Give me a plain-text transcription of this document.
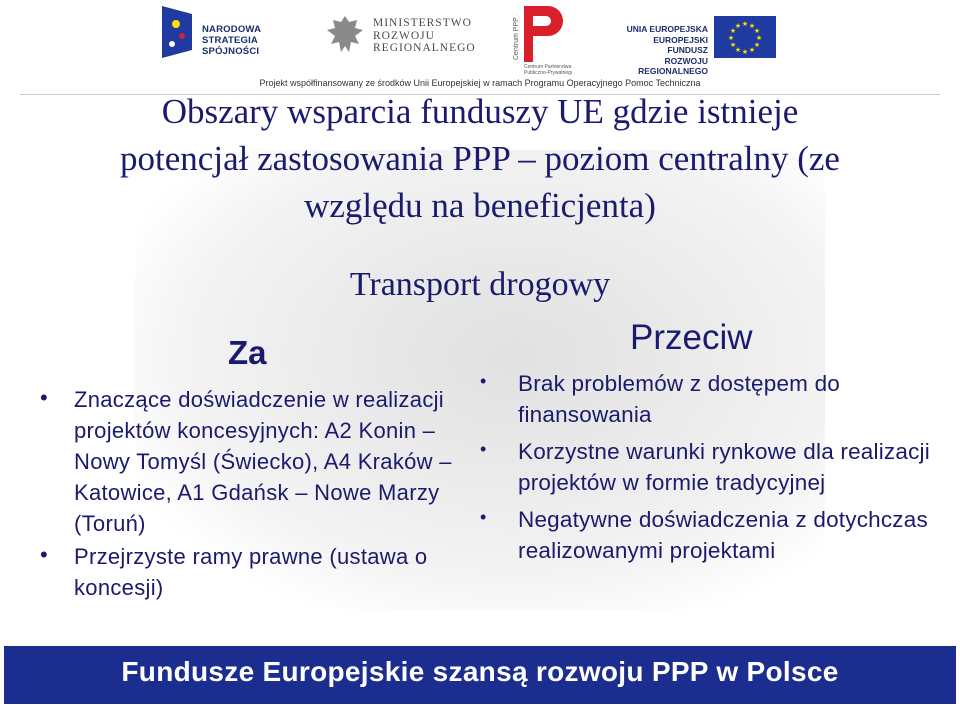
NARODOWA
STRATEGIA SPÓJNOŚCI
MINISTERSTWO
ROZWOJU
REGIONALNEGO	Centrum PPP
Centrum Partnerstwa
Publiczno-Prywatnego
UNIA EUROPEJSKA
EUROPEJSKI FUNDUSZ
ROZWOJU REGIONALNEGO
★ ★
★
★
★
★
★
★
★
★
★
★
Projekt współfinansowany ze środków Unii Europejskiej w ramach Programu Operacyjnego Pomoc Techniczna
Obszary wsparcia funduszy UE gdzie istnieje
potencjał zastosowania PPP – poziom centralny (ze
względu na beneficjenta)
Transport drogowy
Za
• Znaczące doświadczenie w realizacji projektów koncesyjnych: A2 Konin – Nowy Tomyśl (Świecko), A4 Kraków – Katowice, A1 Gdańsk – Nowe Marzy (Toruń)
• Przejrzyste ramy prawne (ustawa o koncesji)
Przeciw
• Brak problemów z dostępem do finansowania
• Korzystne warunki rynkowe dla realizacji projektów w formie tradycyjnej
• Negatywne doświadczenia z dotychczas realizowanymi projektami
Fundusze Europejskie szansą rozwoju PPP w Polsce
